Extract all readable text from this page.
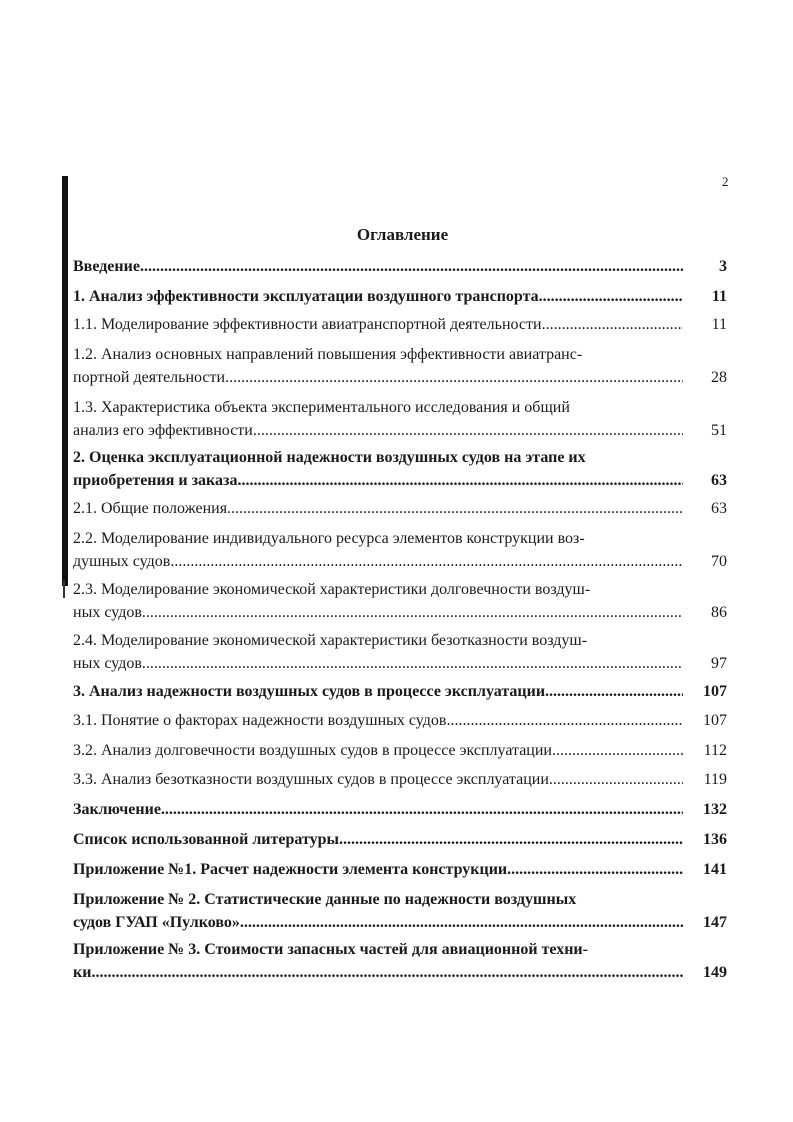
2
Оглавление
Введение .....	3
1. Анализ эффективности эксплуатации воздушного транспорта .....	11
1.1. Моделирование эффективности авиатранспортной деятельности .....	11
1.2. Анализ основных направлений повышения эффективности авиатранс-
портной деятельности .....	28
1.3. Характеристика объекта экспериментального исследования и общий
анализ его эффективности .....	51
2. Оценка эксплуатационной надежности воздушных судов на этапе их
приобретения и заказа .....	63
2.1. Общие положения .....	63
2.2. Моделирование индивидуального ресурса элементов конструкции воз-
душных судов .....	70
2.3. Моделирование экономической характеристики долговечности воздуш-
ных судов .....	86
2.4. Моделирование экономической характеристики безотказности воздуш-
ных судов .....	97
3. Анализ надежности воздушных судов в процессе эксплуатации .....	107
3.1. Понятие о факторах надежности воздушных судов .....	107
3.2. Анализ долговечности воздушных судов в процессе эксплуатации .....	112
3.3. Анализ безотказности воздушных судов в процессе эксплуатации .....	119
Заключение .....	132
Список использованной литературы .....	136
Приложение №1. Расчет надежности элемента конструкции .....	141
Приложение № 2. Статистические данные по надежности воздушных
судов ГУАП «Пулково» .....	147
Приложение № 3. Стоимости запасных частей для авиационной техни-
ки .....	149
